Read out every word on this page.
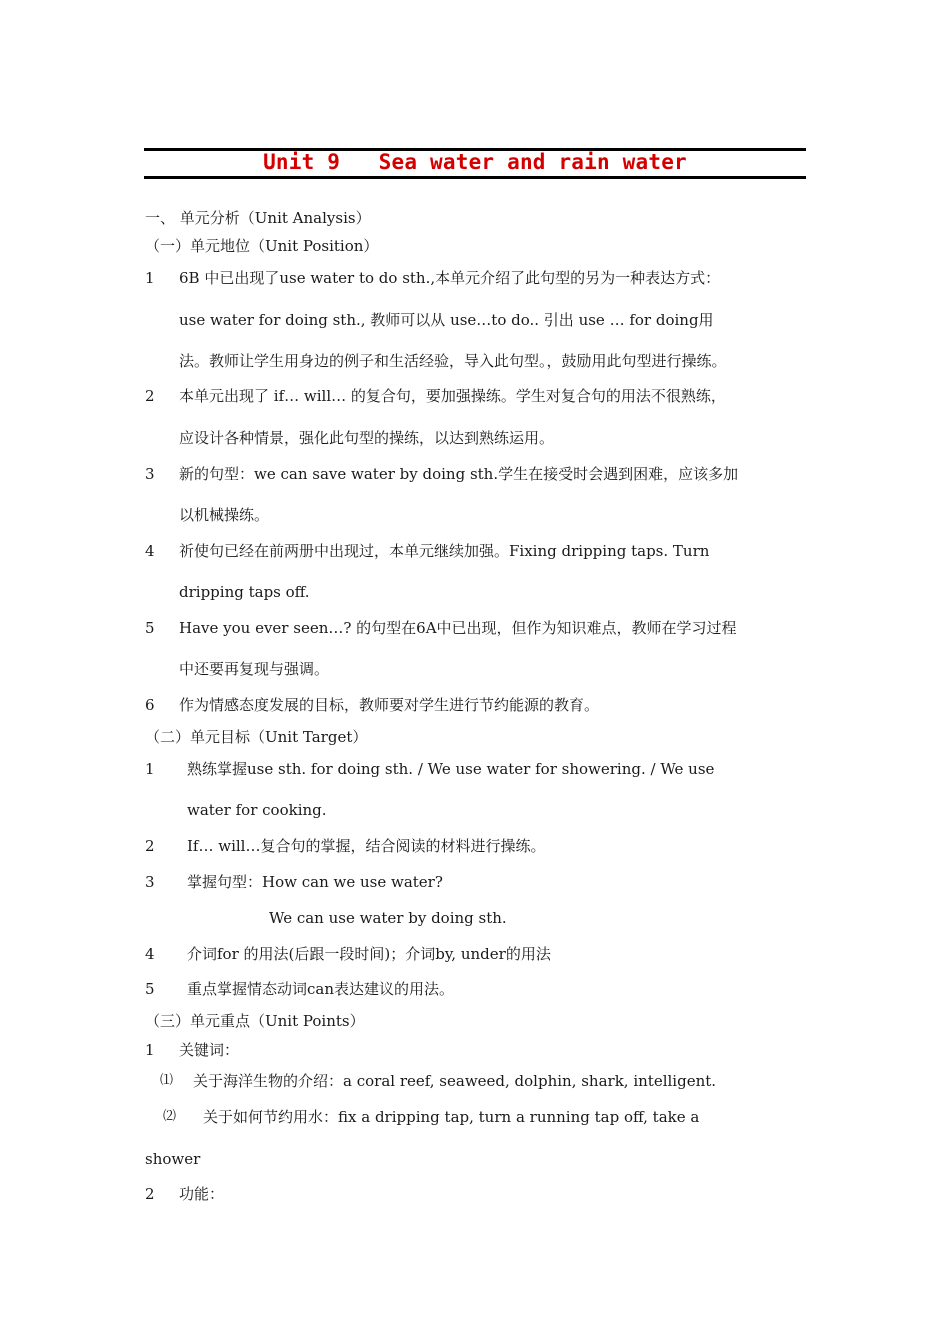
Unit 9   Sea water and rain water
一、 单元分析（Unit Analysis）
（一）单元地位（Unit Position）
1 6B 中已出现了use water to do sth.,本单元介绍了此句型的另为一种表达方式：
use water for doing sth., 教师可以从 use…to do.. 引出 use … for doing用
法。教师让学生用身边的例子和生活经验，导入此句型。，鼓励用此句型进行操练。
2 本单元出现了 if… will… 的复合句，要加强操练。学生对复合句的用法不很熟练，
应设计各种情景，强化此句型的操练，以达到熟练运用。
3 新的句型：we can save water by doing sth.学生在接受时会遇到困难，应该多加
以机械操练。
4 祈使句已经在前两册中出现过，本单元继续加强。Fixing dripping taps. Turn
dripping taps off.
5 Have you ever seen…? 的句型在6A中已出现，但作为知识难点，教师在学习过程
中还要再复现与强调。
6 作为情感态度发展的目标，教师要对学生进行节约能源的教育。
（二）单元目标（Unit Target）
1 熟练掌握use sth. for doing sth. / We use water for showering. / We use
water for cooking.
2 If… will…复合句的掌握，结合阅读的材料进行操练。
3 掌握句型：How can we use water?
We can use water by doing sth.
4 介词for 的用法(后跟一段时间)；介词by, under的用法
5 重点掌握情态动词can表达建议的用法。
（三）单元重点（Unit Points）
1 关键词：
⑴ 关于海洋生物的介绍：a coral reef, seaweed, dolphin, shark, intelligent.
⑵ 关于如何节约用水：fix a dripping tap, turn a running tap off, take a
shower
2 功能：
